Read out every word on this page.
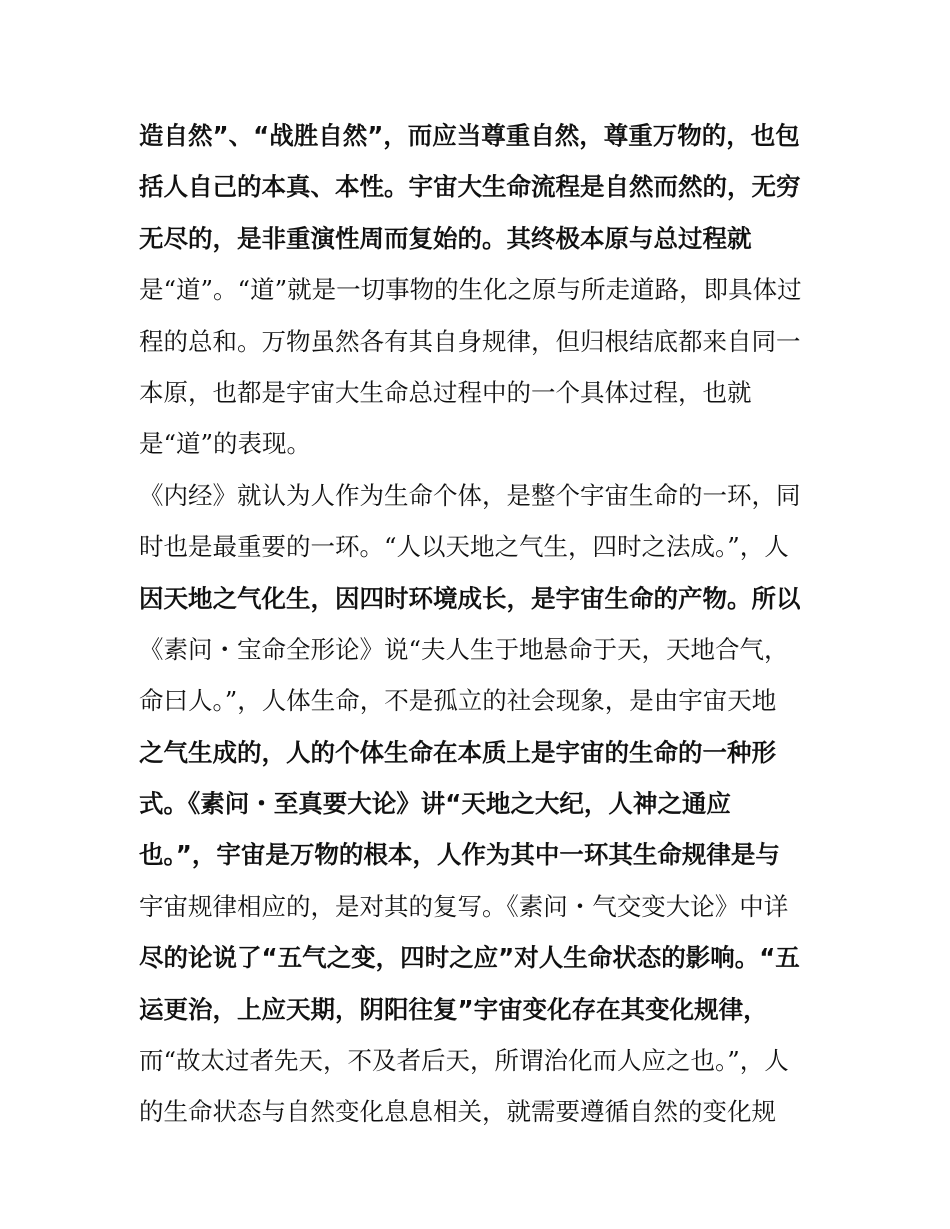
造自然”、“战胜自然”，而应当尊重自然，尊重万物的，也包
括人自己的本真、本性。宇宙大生命流程是自然而然的，无穷
无尽的，是非重演性周而复始的。其终极本原与总过程就
是“道”。“道”就是一切事物的生化之原与所走道路，即具体过
程的总和。万物虽然各有其自身规律，但归根结底都来自同一
本原，也都是宇宙大生命总过程中的一个具体过程，也就
是“道”的表现。
《内经》就认为人作为生命个体，是整个宇宙生命的一环，同
时也是最重要的一环。“人以天地之气生，四时之法成。”，人
因天地之气化生，因四时环境成长，是宇宙生命的产物。所以
《素问・宝命全形论》说“夫人生于地悬命于天，天地合气，
命曰人。”，人体生命，不是孤立的社会现象，是由宇宙天地
之气生成的，人的个体生命在本质上是宇宙的生命的一种形
式。《素问・至真要大论》讲“天地之大纪，人神之通应
也。”，宇宙是万物的根本，人作为其中一环其生命规律是与
宇宙规律相应的，是对其的复写。《素问・气交变大论》中详
尽的论说了“五气之变，四时之应”对人生命状态的影响。“五
运更治，上应天期，阴阳往复”宇宙变化存在其变化规律，
而“故太过者先天，不及者后天，所谓治化而人应之也。”，人
的生命状态与自然变化息息相关，就需要遵循自然的变化规
